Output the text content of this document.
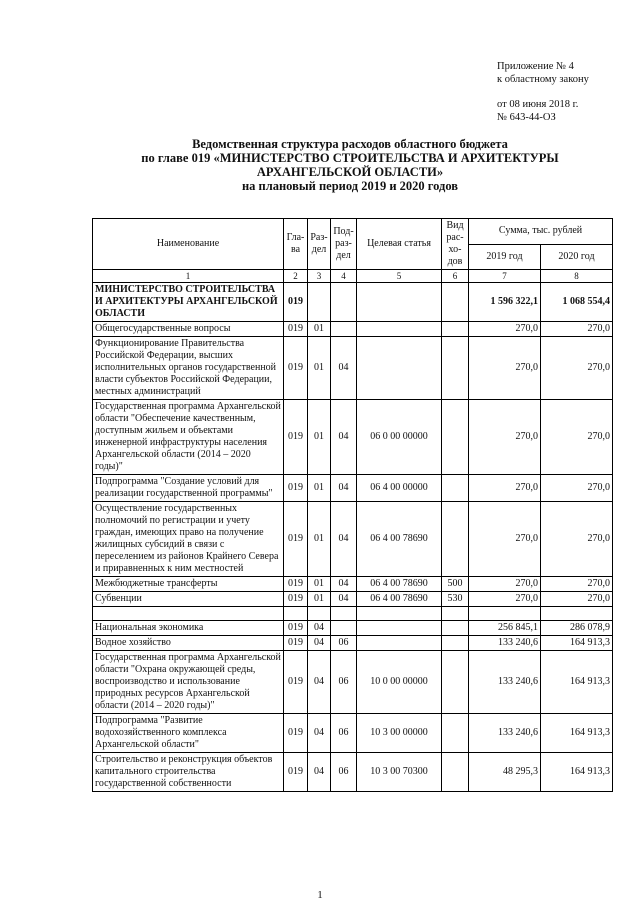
Приложение № 4
к областному закону
от 08 июня 2018 г.
№ 643-44-ОЗ
Ведомственная структура расходов областного бюджета
по главе 019 «МИНИСТЕРСТВО СТРОИТЕЛЬСТВА И АРХИТЕКТУРЫ
АРХАНГЕЛЬСКОЙ ОБЛАСТИ»
на плановый период 2019 и 2020 годов
Наименование	Гла-ва	Раз-дел	Под-раз-дел	Целевая статья	Вид рас-хо-дов	Сумма, тыс. рублей	
						2019 год	2020 год
1	2	3	4	5	6	7	8
МИНИСТЕРСТВО СТРОИТЕЛЬСТВА И АРХИТЕКТУРЫ АРХАНГЕЛЬСКОЙ ОБЛАСТИ	019					1 596 322,1	1 068 554,4
Общегосударственные вопросы	019	01				270,0	270,0
Функционирование Правительства Российской Федерации, высших исполнительных органов государственной власти субъектов Российской Федерации, местных администраций	019	01	04			270,0	270,0
Государственная программа Архангельской области "Обеспечение качественным, доступным жильем и объектами инженерной инфраструктуры населения Архангельской области (2014 – 2020 годы)"	019	01	04	06 0 00 00000		270,0	270,0
Подпрограмма "Создание условий для реализации государственной программы"	019	01	04	06 4 00 00000		270,0	270,0
Осуществление государственных полномочий по регистрации и учету граждан, имеющих право на получение жилищных субсидий в связи с переселением из районов Крайнего Севера и приравненных к ним местностей	019	01	04	06 4 00 78690		270,0	270,0
Межбюджетные трансферты	019	01	04	06 4 00 78690	500	270,0	270,0
Субвенции	019	01	04	06 4 00 78690	530	270,0	270,0

Национальная экономика	019	04				256 845,1	286 078,9
Водное хозяйство	019	04	06			133 240,6	164 913,3
Государственная программа Архангельской области "Охрана окружающей среды, воспроизводство и использование природных ресурсов Архангельской области (2014 – 2020 годы)"	019	04	06	10 0 00 00000		133 240,6	164 913,3
Подпрограмма "Развитие водохозяйственного комплекса Архангельской области"	019	04	06	10 3 00 00000		133 240,6	164 913,3
Строительство и реконструкция объектов капитального строительства государственной собственности	019	04	06	10 3 00 70300		48 295,3	164 913,3
1
